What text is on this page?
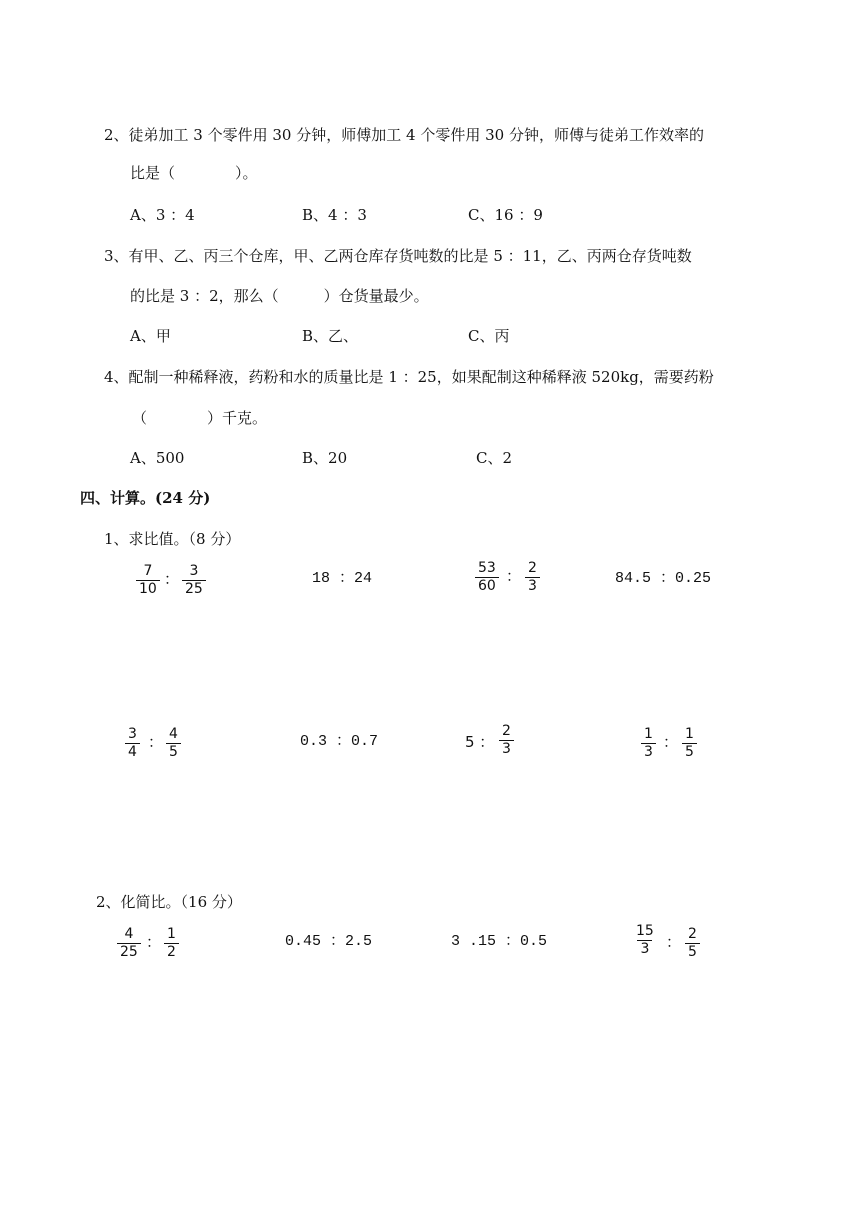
2、徒弟加工 3 个零件用 30 分钟，师傅加工 4 个零件用 30 分钟，师傅与徒弟工作效率的
比是（　　　　）。
A、3 ：4	B、4 ：3	C、16 ：9
3、有甲、乙、丙三个仓库，甲、乙两仓库存货吨数的比是 5 ：11，乙、丙两仓存货吨数
的比是 3 ：2，那么（　　　）仓货量最少。
A、甲	B、乙、	C、丙
4、配制一种稀释液，药粉和水的质量比是 1 ：25，如果配制这种稀释液 520kg，需要药粉
（　　　　）千克。
A、500	B、20	C、2
四、计算。(24 分)
1、求比值。（8 分）
$\frac{7}{10}$ ： $\frac{3}{25}$	18 ：24	$\frac{53}{60}$ ： $\frac{2}{3}$	84.5 ：0.25
$\frac{3}{4}$ ： $\frac{4}{5}$	0.3 ：0.7	5 ： $\frac{2}{3}$	$\frac{1}{3}$ ： $\frac{1}{5}$
2、化简比。（16 分）
$\frac{4}{25}$ ： $\frac{1}{2}$	0.45 ：2.5	3 .15 ：0.5	$\frac{15}{3}$ ： $\frac{2}{5}$
